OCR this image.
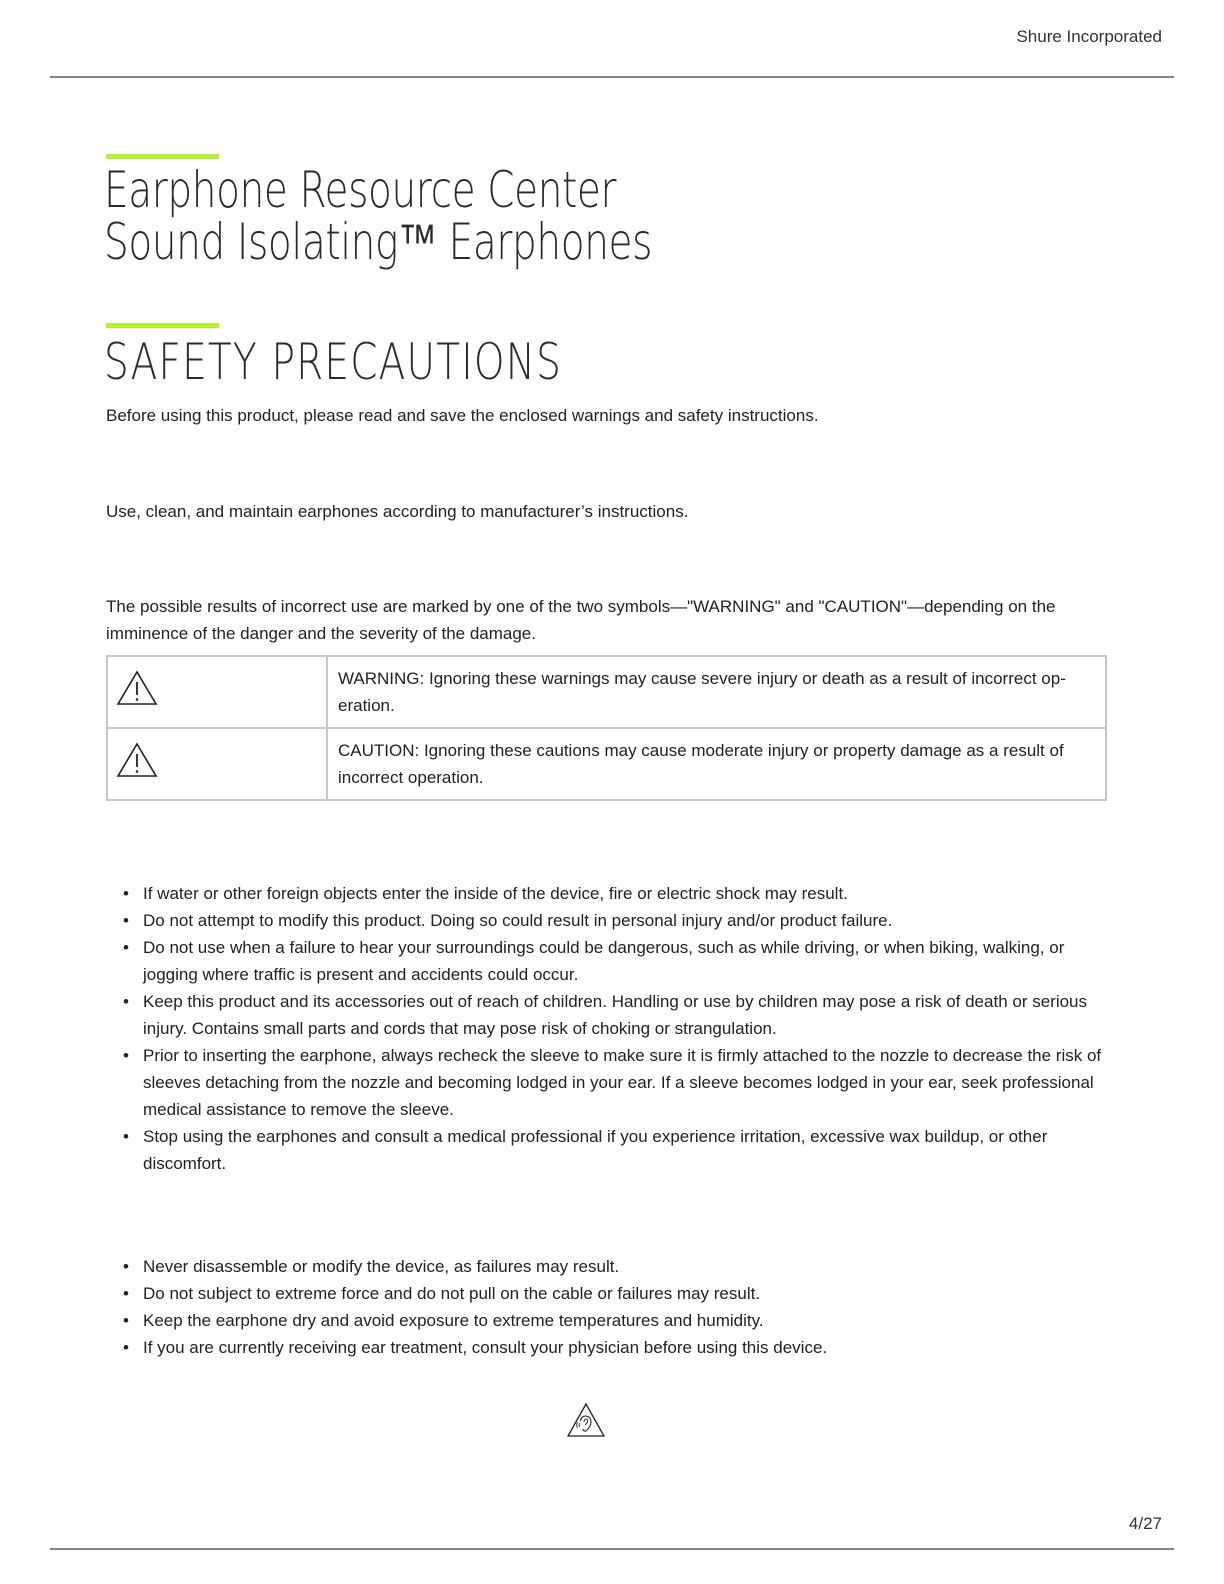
Shure Incorporated
Earphone Resource Center
Sound Isolating™ Earphones
SAFETY PRECAUTIONS
Before using this product, please read and save the enclosed warnings and safety instructions.
Use, clean, and maintain earphones according to manufacturer’s instructions.
The possible results of incorrect use are marked by one of the two symbols—"WARNING" and "CAUTION"—depending on the imminence of the danger and the severity of the damage.
	WARNING: Ignoring these warnings may cause severe injury or death as a result of incorrect operation.
	CAUTION: Ignoring these cautions may cause moderate injury or property damage as a result of incorrect operation.
• If water or other foreign objects enter the inside of the device, fire or electric shock may result.
• Do not attempt to modify this product. Doing so could result in personal injury and/or product failure.
• Do not use when a failure to hear your surroundings could be dangerous, such as while driving, or when biking, walking, or jogging where traffic is present and accidents could occur.
• Keep this product and its accessories out of reach of children. Handling or use by children may pose a risk of death or serious injury. Contains small parts and cords that may pose risk of choking or strangulation.
• Prior to inserting the earphone, always recheck the sleeve to make sure it is firmly attached to the nozzle to decrease the risk of sleeves detaching from the nozzle and becoming lodged in your ear. If a sleeve becomes lodged in your ear, seek professional medical assistance to remove the sleeve.
• Stop using the earphones and consult a medical professional if you experience irritation, excessive wax buildup, or other discomfort.
• Never disassemble or modify the device, as failures may result.
• Do not subject to extreme force and do not pull on the cable or failures may result.
• Keep the earphone dry and avoid exposure to extreme temperatures and humidity.
• If you are currently receiving ear treatment, consult your physician before using this device.
4/27
